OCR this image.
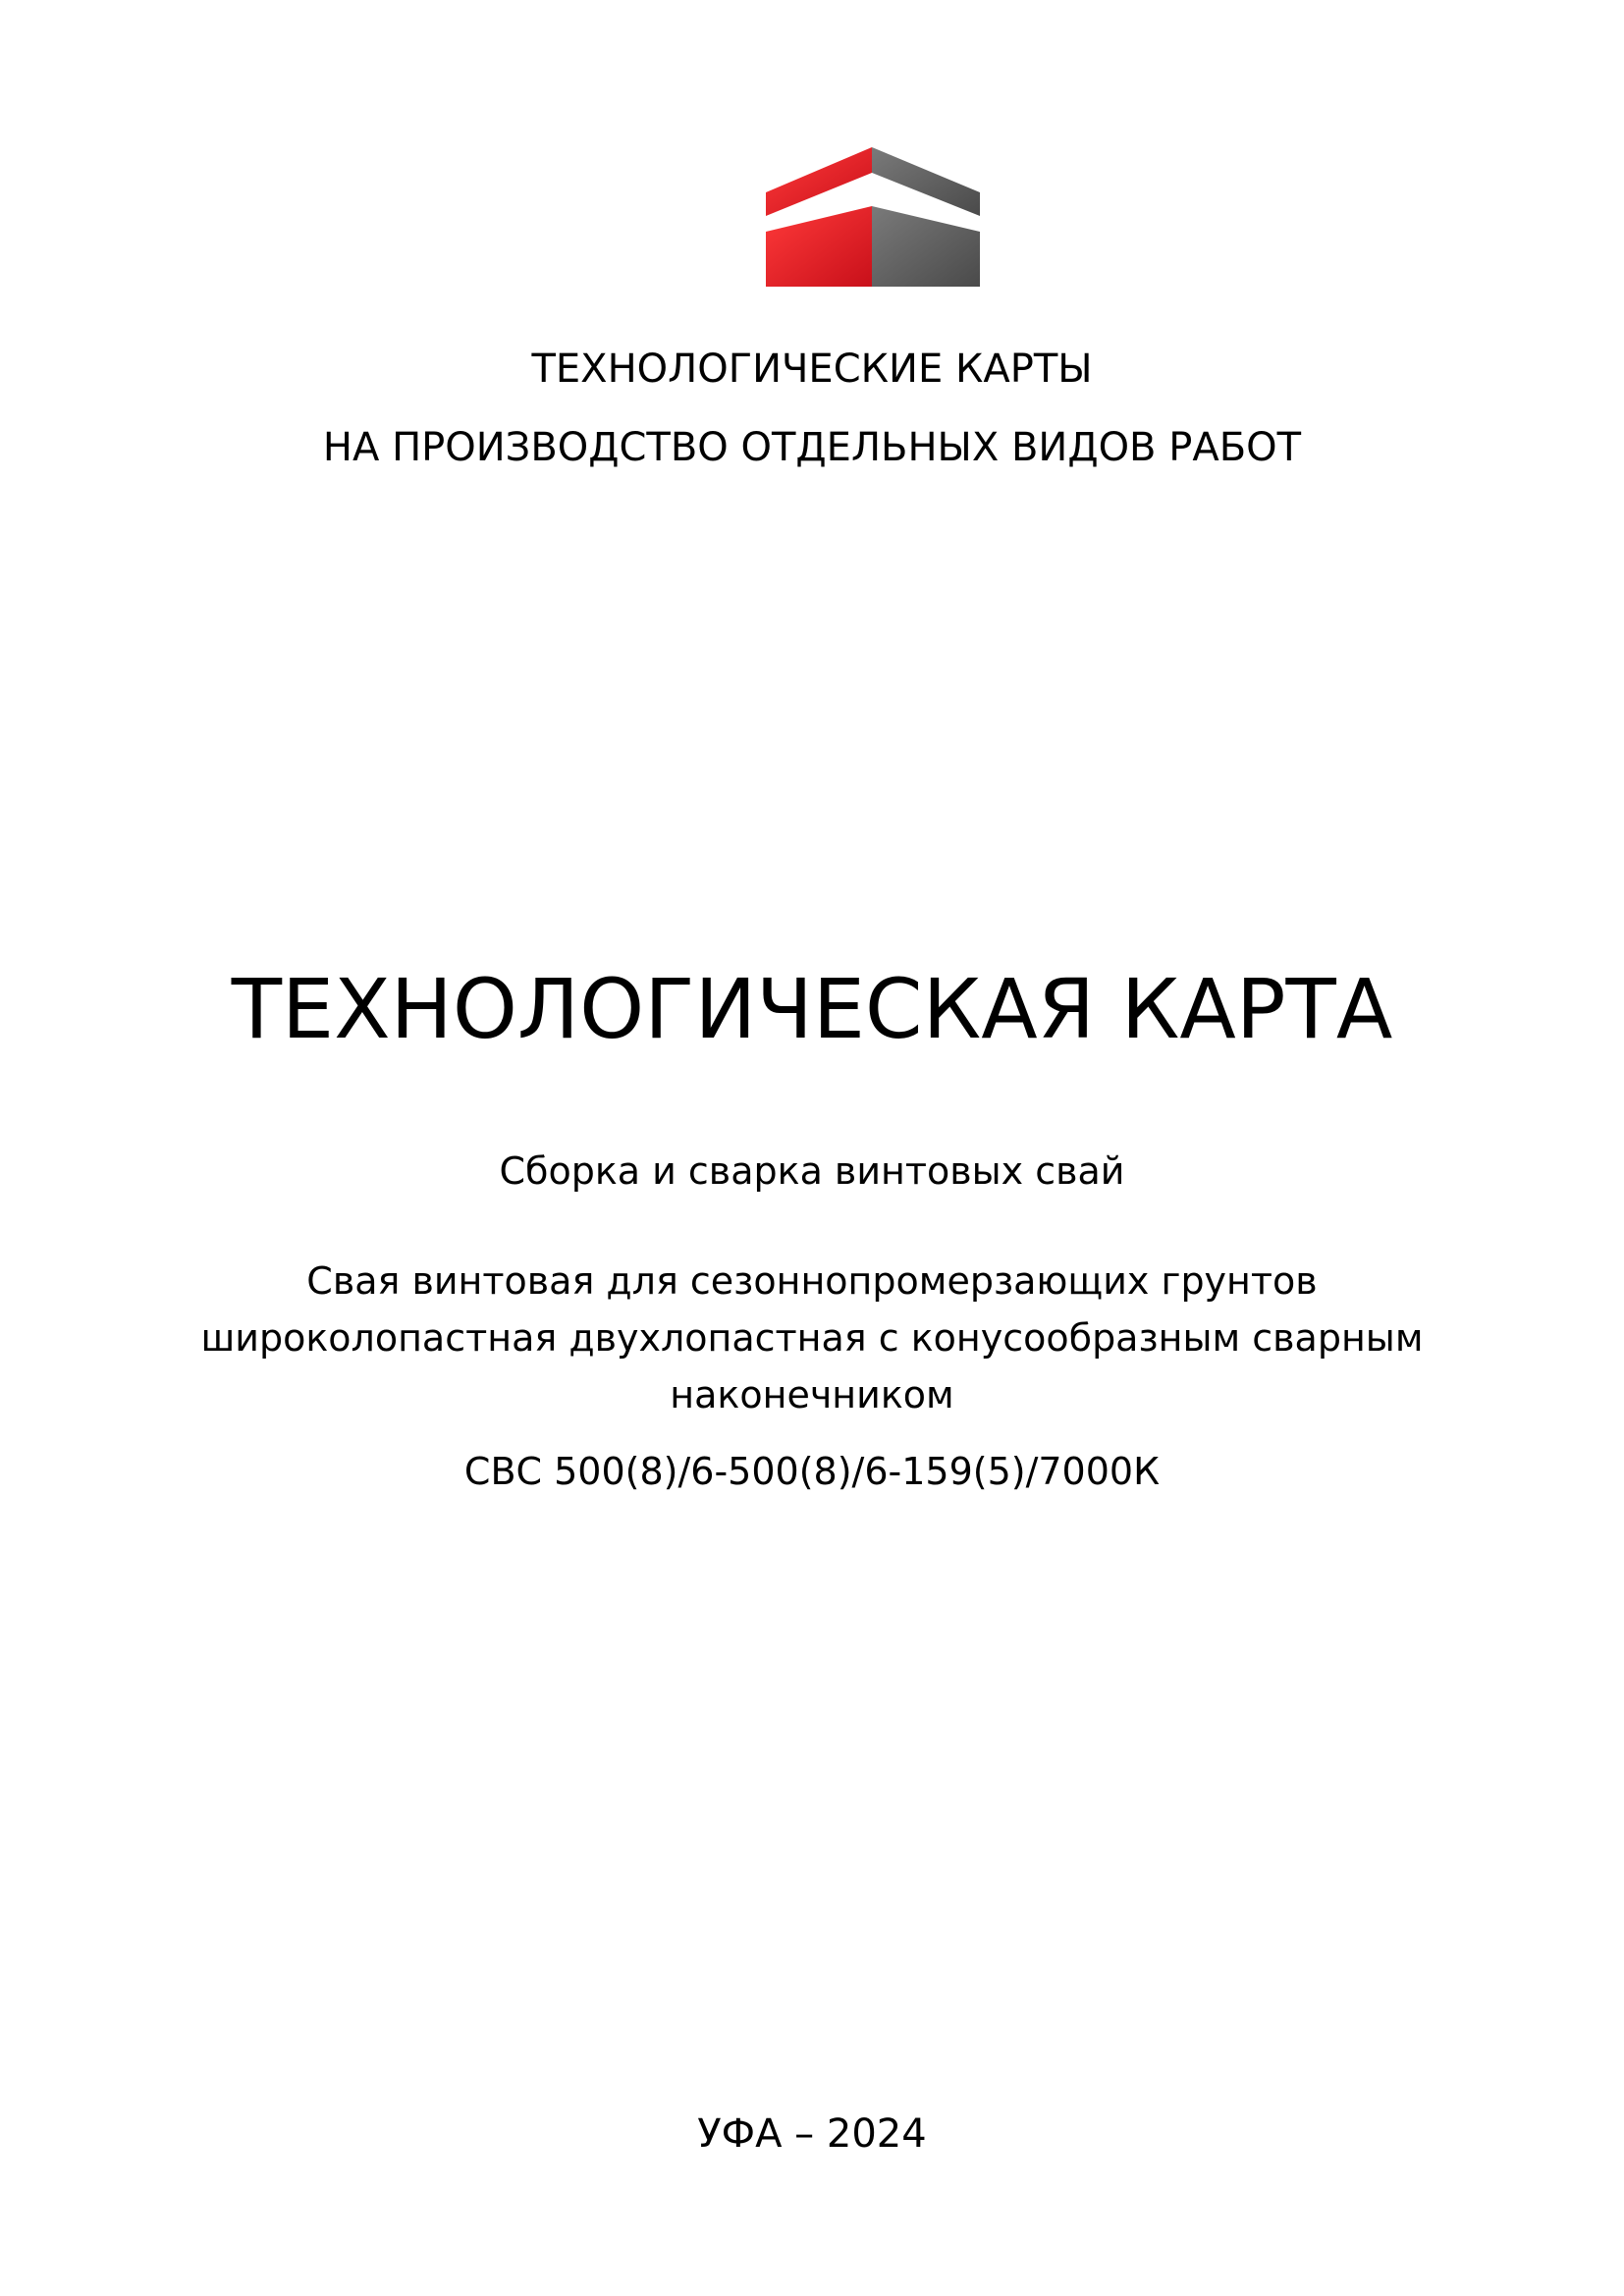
ТЕХНОЛОГИЧЕСКИЕ КАРТЫ
НА ПРОИЗВОДСТВО ОТДЕЛЬНЫХ ВИДОВ РАБОТ
ТЕХНОЛОГИЧЕСКАЯ КАРТА
Сборка и сварка винтовых свай
Свая винтовая для сезоннопромерзающих грунтов
широколопастная двухлопастная с конусообразным сварным
наконечником
СВС 500(8)/6-500(8)/6-159(5)/7000К
УФА – 2024
